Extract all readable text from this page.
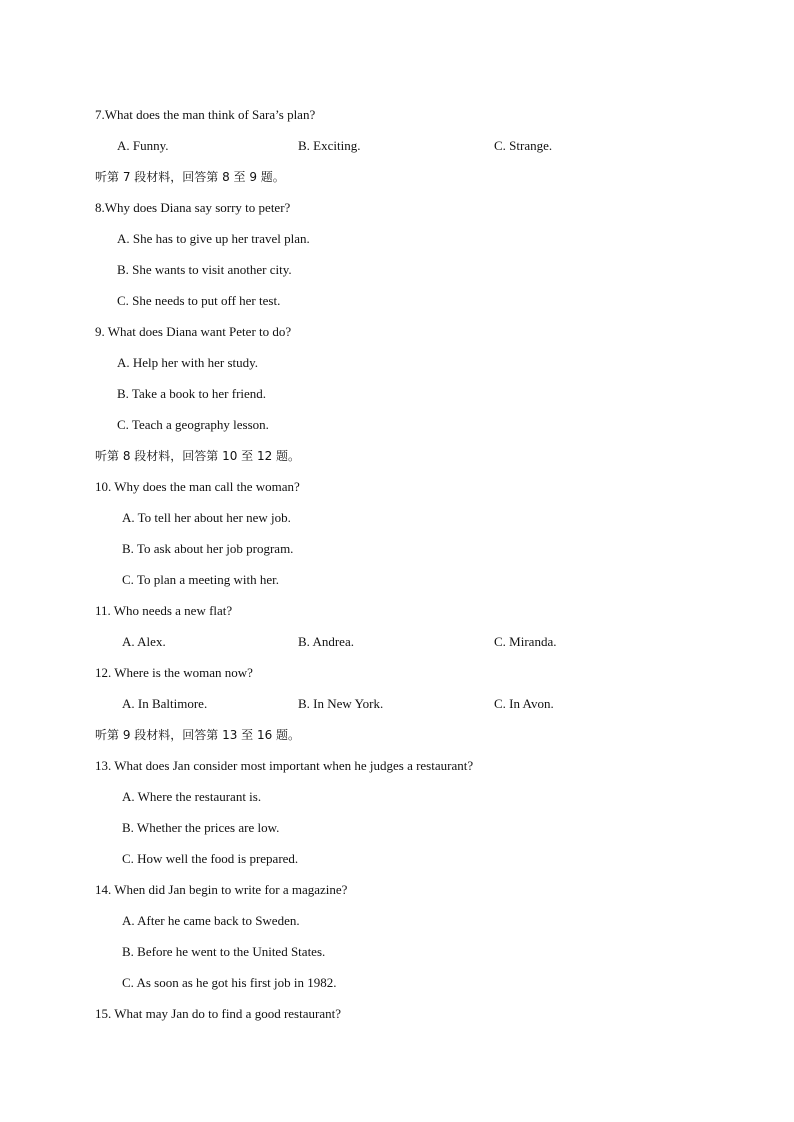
7.What does the man think of Sara’s plan?
A. Funny.	B. Exciting.	C. Strange.
听第 7 段材料，回答第 8 至 9 题。
8.Why does Diana say sorry to peter?
A. She has to give up her travel plan.
B. She wants to visit another city.
C. She needs to put off her test.
9. What does Diana want Peter to do?
A. Help her with her study.
B. Take a book to her friend.
C. Teach a geography lesson.
听第 8 段材料，回答第 10 至 12 题。
10. Why does the man call the woman?
A. To tell her about her new job.
B. To ask about her job program.
C. To plan a meeting with her.
11. Who needs a new flat?
A. Alex.	B. Andrea.	C. Miranda.
12. Where is the woman now?
A. In Baltimore.	B. In New York.	C. In Avon.
听第 9 段材料，回答第 13 至 16 题。
13. What does Jan consider most important when he judges a restaurant?
A. Where the restaurant is.
B. Whether the prices are low.
C. How well the food is prepared.
14. When did Jan begin to write for a magazine?
A. After he came back to Sweden.
B. Before he went to the United States.
C. As soon as he got his first job in 1982.
15. What may Jan do to find a good restaurant?
